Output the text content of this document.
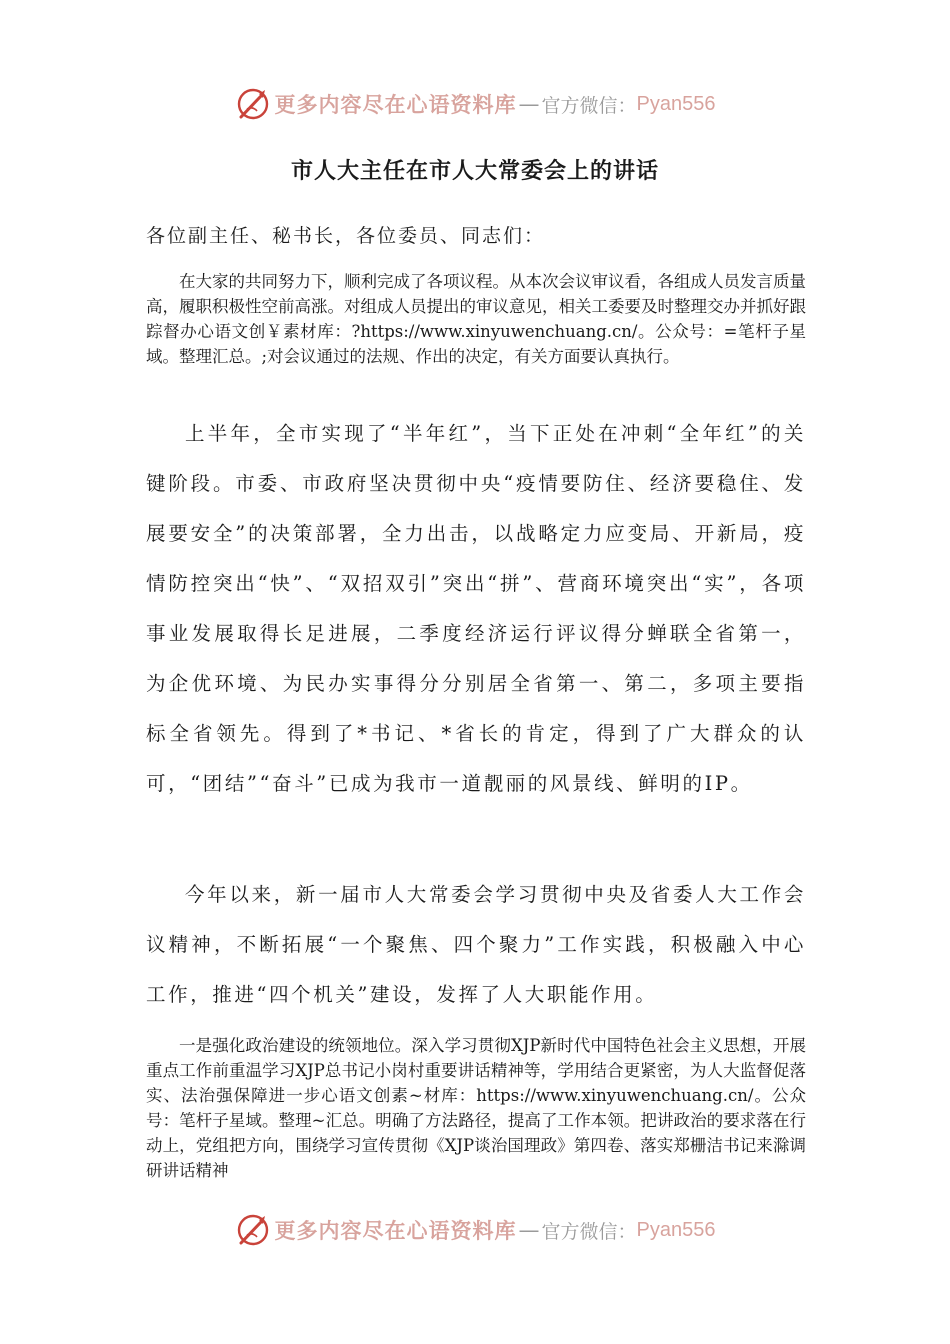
更多内容尽在心语资料库 — 官方微信： Pyan556
市人大主任在市人大常委会上的讲话

各位副主任、秘书长，各位委员、同志们：

在大家的共同努力下，顺利完成了各项议程。从本次会议审议看，各组成人员发言质量高，履职积极性空前高涨。对组成人员提出的审议意见，相关工委要及时整理交办并抓好跟踪督办心语文创￥素材库：?https://www.xinyuwenchuang.cn/。公众号：=笔杆子星域。整理汇总。;对会议通过的法规、作出的决定，有关方面要认真执行。

上半年，全市实现了“半年红”，当下正处在冲刺“全年红”的关键阶段。市委、市政府坚决贯彻中央“疫情要防住、经济要稳住、发展要安全”的决策部署，全力出击，以战略定力应变局、开新局，疫情防控突出“快”、“双招双引”突出“拼”、营商环境突出“实”，各项事业发展取得长足进展，二季度经济运行评议得分蝉联全省第一，为企优环境、为民办实事得分分别居全省第一、第二，多项主要指标全省领先。得到了*书记、*省长的肯定，得到了广大群众的认可，“团结”“奋斗”已成为我市一道靓丽的风景线、鲜明的IP。

今年以来，新一届市人大常委会学习贯彻中央及省委人大工作会议精神，不断拓展“一个聚焦、四个聚力”工作实践，积极融入中心工作，推进“四个机关”建设，发挥了人大职能作用。

一是强化政治建设的统领地位。深入学习贯彻XJP新时代中国特色社会主义思想，开展重点工作前重温学习XJP总书记小岗村重要讲话精神等，学用结合更紧密，为人大监督促落实、法治强保障进一步心语文创素~材库：https://www.xinyuwenchuang.cn/。公众号：笔杆子星域。整理~汇总。明确了方法路径，提高了工作本领。把讲政治的要求落在行动上，党组把方向，围绕学习宣传贯彻《XJP谈治国理政》第四卷、落实郑栅洁书记来滁调研讲话精神

更多内容尽在心语资料库 — 官方微信： Pyan556
